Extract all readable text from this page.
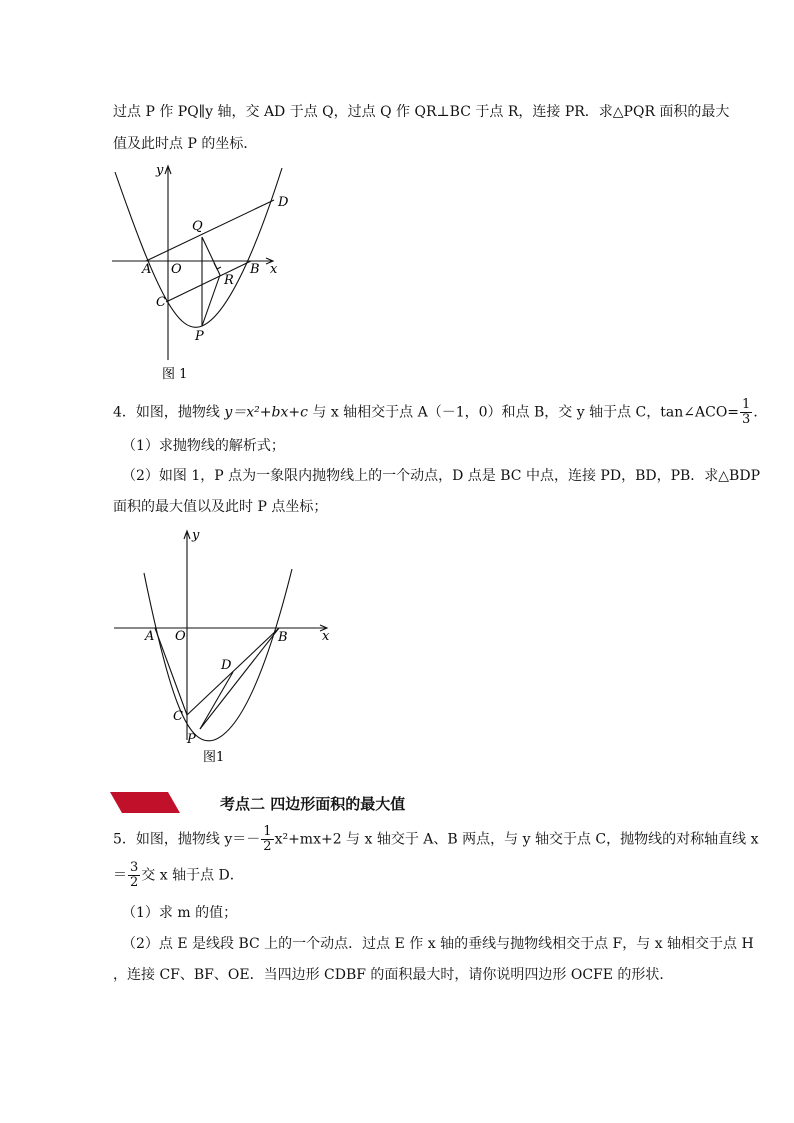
过点 P 作 PQ∥y 轴，交 AD 于点 Q，过点 Q 作 QR⊥BC 于点 R，连接 PR．求△PQR 面积的最大
值及此时点 P 的坐标．
y
x
D
Q
A O	B
R
C
P
图 1
4．如图，抛物线 y＝x²+bx+c 与 x 轴相交于点 A（－1，0）和点 B，交 y 轴于点 C，tan∠ACO= $\frac{1}{3}$ ．
（1）求抛物线的解析式；
（2）如图 1，P 点为一象限内抛物线上的一个动点，D 点是 BC 中点，连接 PD，BD，PB．求△BDP
面积的最大值以及此时 P 点坐标；
y
x
A O	B
D
C
P
图1
考点二 四边形面积的最大值
5．如图，抛物线 $y=- \frac{1}{2} x^2+mx+2$ 与 x 轴交于 A、B 两点，与 y 轴交于点 C，抛物线的对称轴直线 x
＝ $\frac{3}{2}$ 交 x 轴于点 D．
（1）求 m 的值；
（2）点 E 是线段 BC 上的一个动点．过点 E 作 x 轴的垂线与抛物线相交于点 F，与 x 轴相交于点 H
，连接 CF、BF、OE．当四边形 CDBF 的面积最大时，请你说明四边形 OCFE 的形状．
